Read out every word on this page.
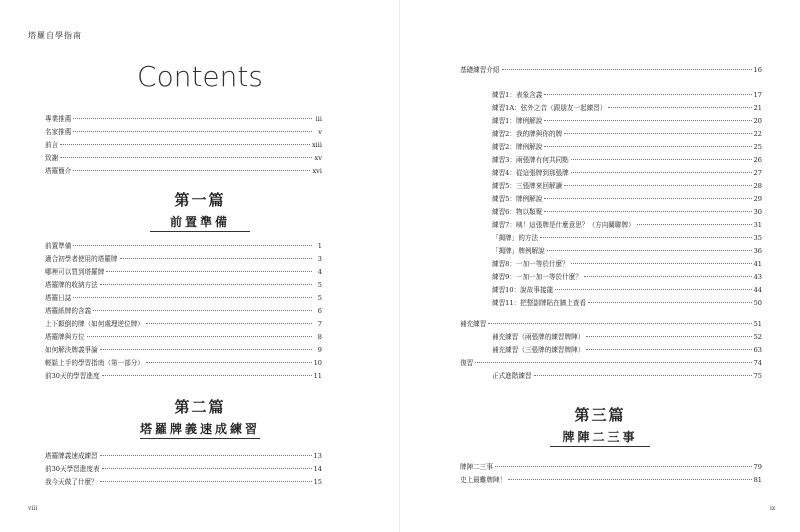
塔羅自學指南
Contents
專業推薦	iii
名家推薦	v
前言	xiii
致謝	xv
塔羅簡介	xvi
第一篇
前置準備
前置準備	1
適合初學者使用的塔羅牌	3
哪裡可以買到塔羅牌	4
塔羅牌的收納方法	5
塔羅日誌	5
塔羅紙牌的含義	6
上下顛倒的牌（如何處理逆位牌）	7
塔羅牌與方位	8
如何解決牌義爭論	9
輕鬆上手的學習指南（第一部分）	10
前30天的學習進度	11
第二篇
塔羅牌義速成練習
塔羅牌義速成練習	13
前30天學習進度表	14
我今天做了什麼？	15
viii	ix
基礎練習介紹	16
練習1：表象含義	17
練習1A：弦外之音（跟朋友一起練習）	21
練習1：牌例解說	20
練習2：我的牌與你的牌	22
練習2：牌例解說	25
練習3：兩張牌有何共同點	26
練習4：從這張牌到那張牌	27
練習5：三張牌來回解讀	28
練習5：牌例解說	29
練習6：物以類聚	30
練習7：咦！這張牌是什麼意思？（方向關聯牌）	31
「揭牌」的方法	35
「揭牌」牌例解說	36
練習8：一加一等於什麼？	41
練習9：一加一加一等於什麼？	43
練習10：說故事接龍	44
練習11：把整副牌貼在牆上查看	50
補充練習	51
補充練習（兩張牌的練習牌陣）	52
補充練習（三張牌的練習牌陣）	63
復習	74
正式進階練習	75
第三篇
牌陣二三事
牌陣二三事	79
史上最難牌陣！	81
